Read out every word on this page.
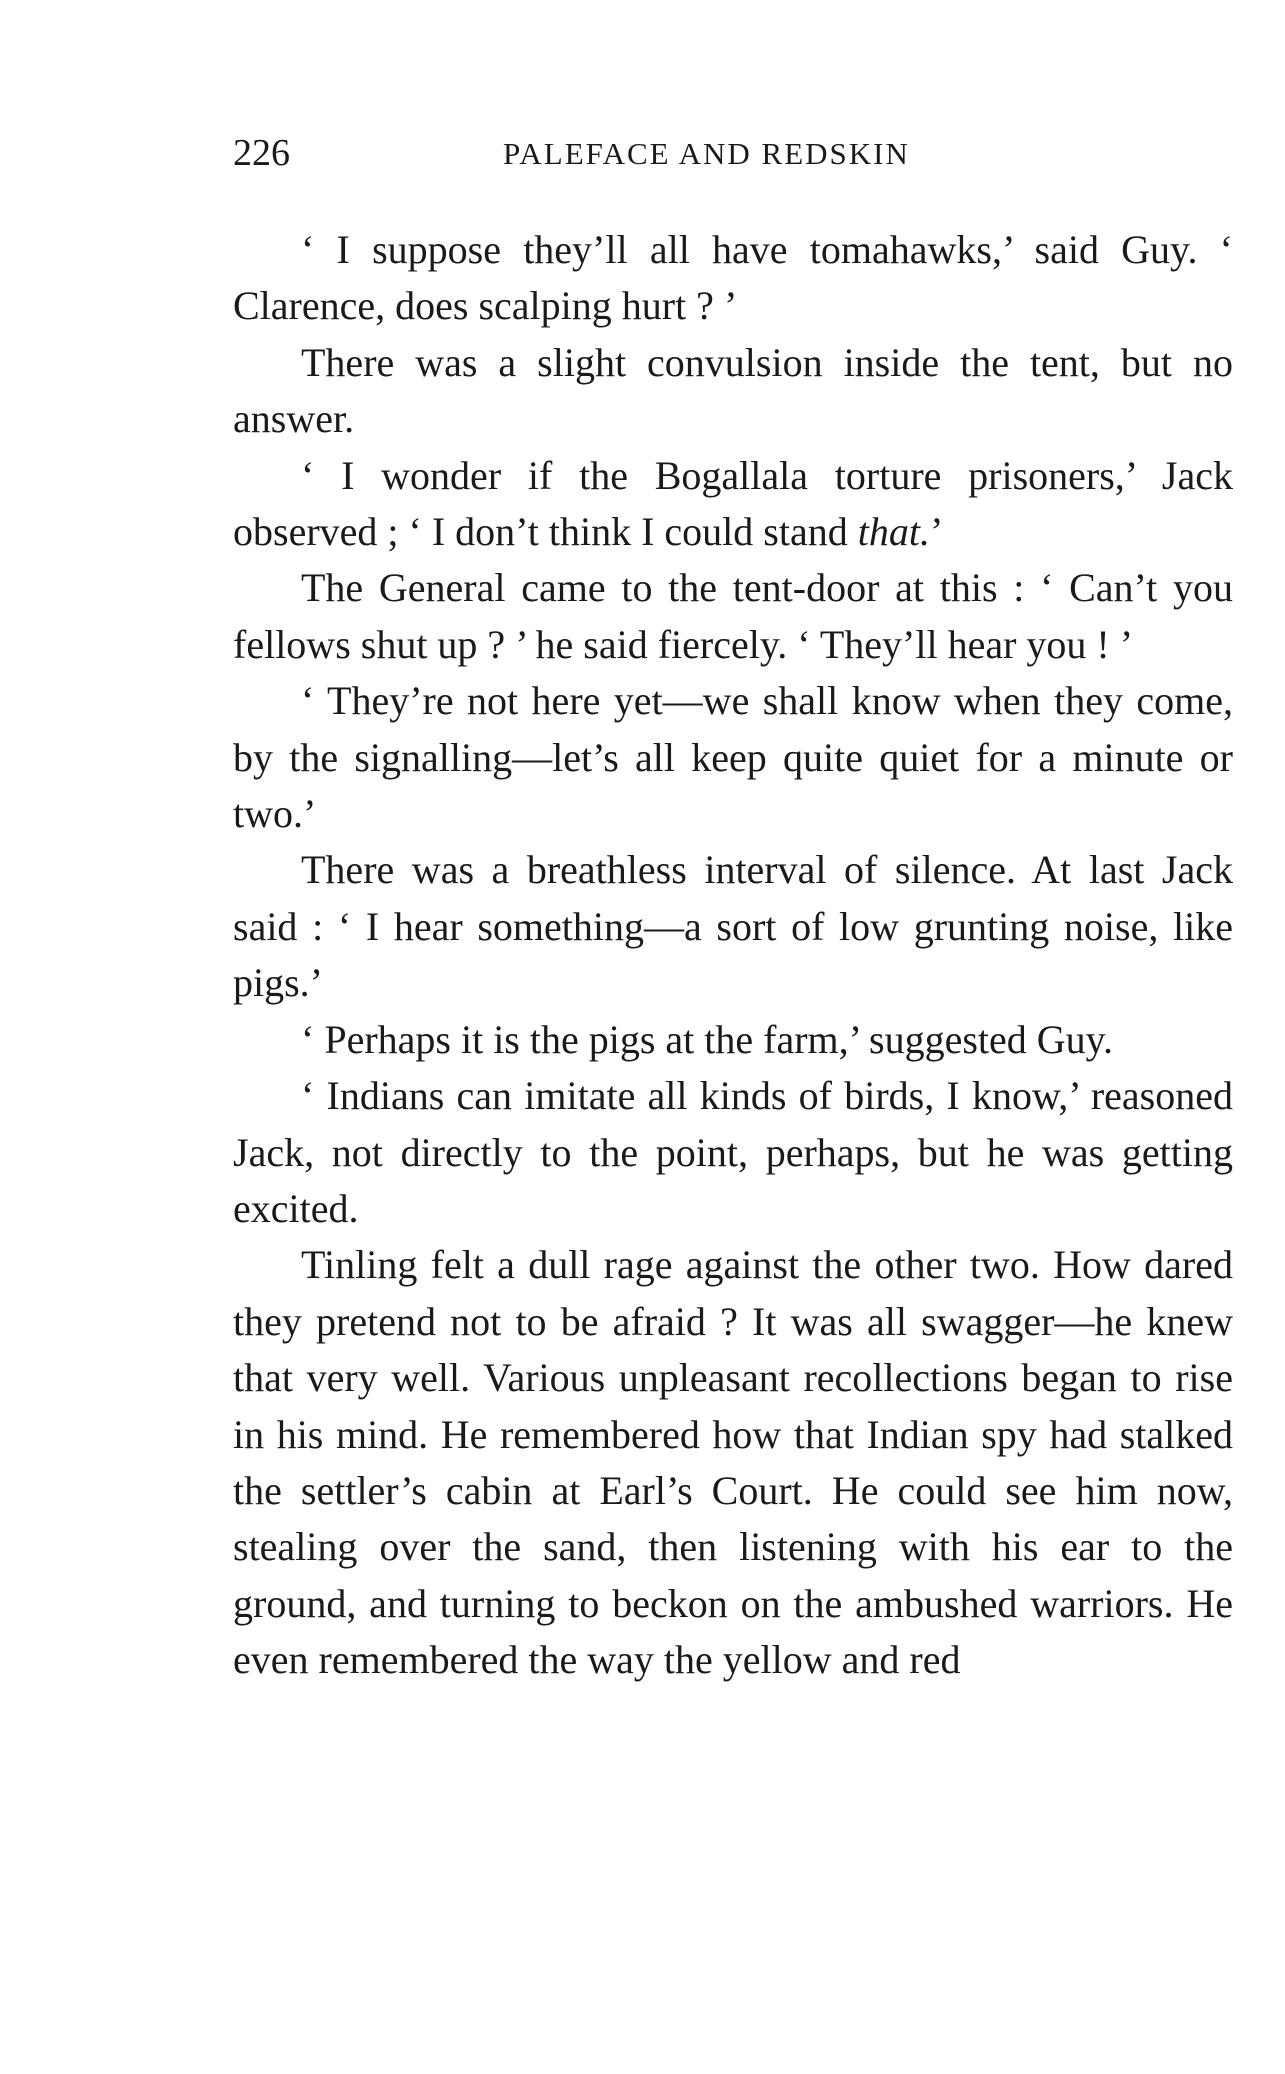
226	PALEFACE AND REDSKIN

‘ I suppose they’ll all have tomahawks,’ said Guy. ‘ Clarence, does scalping hurt ? ’

There was a slight convulsion inside the tent, but no answer.

‘ I wonder if the Bogallala torture prisoners,’ Jack observed ; ‘ I don’t think I could stand that.’

The General came to the tent-door at this : ‘ Can’t you fellows shut up ? ’ he said fiercely. ‘ They’ll hear you ! ’

‘ They’re not here yet—we shall know when they come, by the signalling—let’s all keep quite quiet for a minute or two.’

There was a breathless interval of silence. At last Jack said : ‘ I hear something—a sort of low grunting noise, like pigs.’

‘ Perhaps it is the pigs at the farm,’ suggested Guy.

‘ Indians can imitate all kinds of birds, I know,’ reasoned Jack, not directly to the point, perhaps, but he was getting excited.

Tinling felt a dull rage against the other two. How dared they pretend not to be afraid ? It was all swagger—he knew that very well. Various unpleasant recollections began to rise in his mind. He remembered how that Indian spy had stalked the settler’s cabin at Earl’s Court. He could see him now, stealing over the sand, then listening with his ear to the ground, and turning to beckon on the ambushed warriors. He even remembered the way the yellow and red
